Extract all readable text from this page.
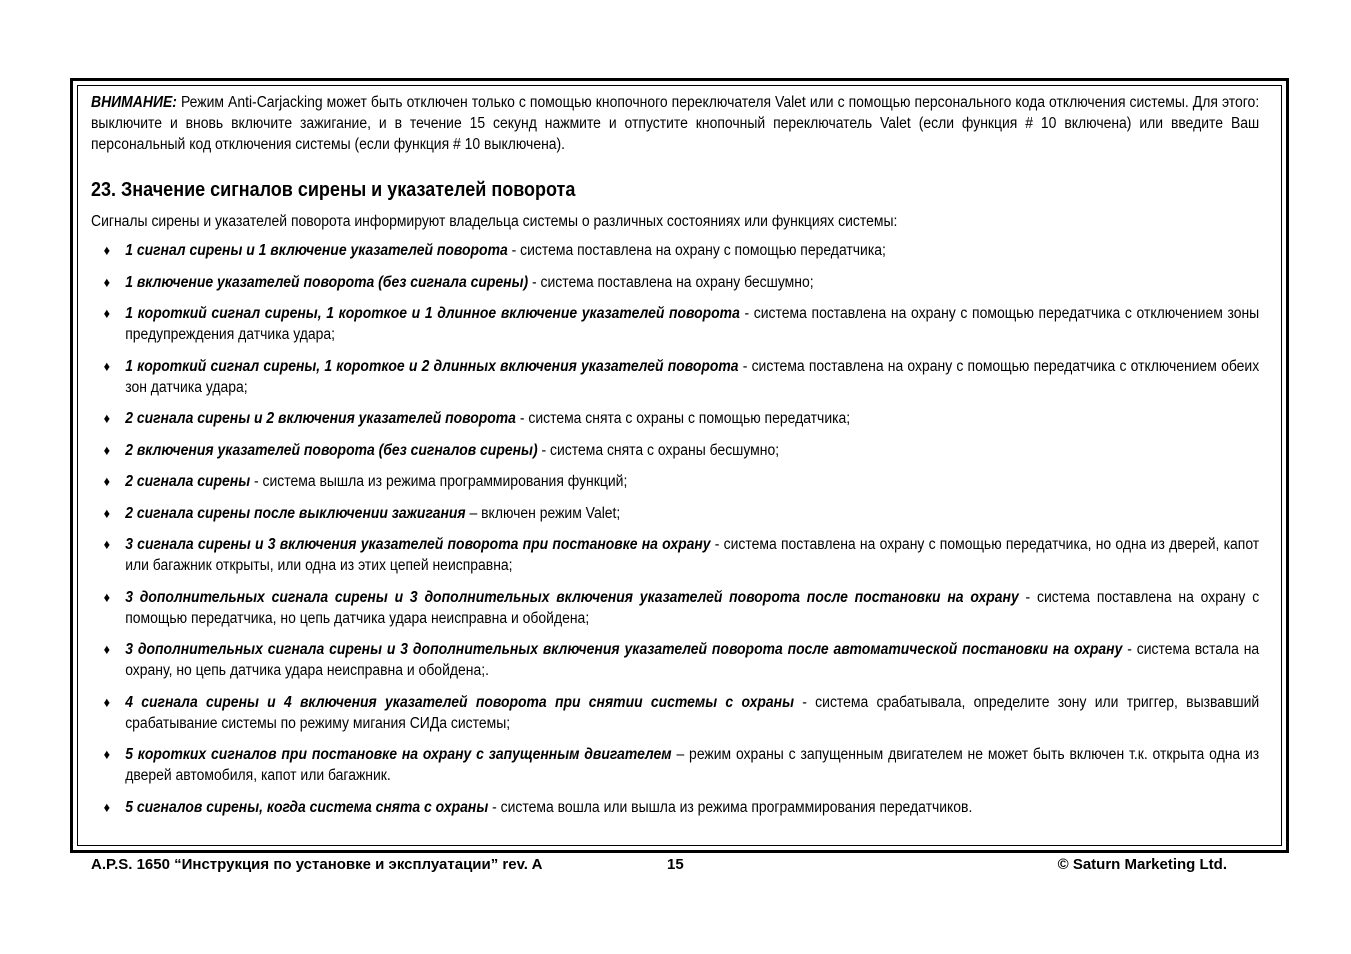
ВНИМАНИЕ: Режим Anti-Carjacking может быть отключен только с помощью кнопочного переключателя Valet или с помощью персонального кода отключения системы. Для этого: выключите и вновь включите зажигание, и в течение 15 секунд нажмите и отпустите кнопочный переключатель Valet (если функция # 10 включена) или введите Ваш персональный код отключения системы (если функция # 10 выключена).

23. Значение сигналов сирены и указателей поворота

Сигналы сирены и указателей поворота информируют владельца системы о различных состояниях или функциях системы:

♦ 1 сигнал сирены и 1 включение указателей поворота - система поставлена на охрану с помощью передатчика;
♦ 1 включение указателей поворота (без сигнала сирены) - система поставлена на охрану бесшумно;
♦ 1 короткий сигнал сирены, 1 короткое и 1 длинное включение указателей поворота - система поставлена на охрану с помощью передатчика с отключением зоны предупреждения датчика удара;
♦ 1 короткий сигнал сирены, 1 короткое и 2 длинных включения указателей поворота - система поставлена на охрану с помощью передатчика с отключением обеих зон датчика удара;
♦ 2 сигнала сирены и 2 включения указателей поворота - система снята с охраны с помощью передатчика;
♦ 2 включения указателей поворота (без сигналов сирены) - система снята с охраны бесшумно;
♦ 2 сигнала сирены - система вышла из режима программирования функций;
♦ 2 сигнала сирены после выключении зажигания – включен режим Valet;
♦ 3 сигнала сирены и 3 включения указателей поворота при постановке на охрану - система поставлена на охрану с помощью передатчика, но одна из дверей, капот или багажник открыты, или одна из этих цепей неисправна;
♦ 3 дополнительных сигнала сирены и 3 дополнительных включения указателей поворота после постановки на охрану - система поставлена на охрану с помощью передатчика, но цепь датчика удара неисправна и обойдена;
♦ 3 дополнительных сигнала сирены и 3 дополнительных включения указателей поворота после автоматической постановки на охрану - система встала на охрану, но цепь датчика удара неисправна и обойдена;.
♦ 4 сигнала сирены и 4 включения указателей поворота при снятии системы с охраны - система срабатывала, определите зону или триггер, вызвавший срабатывание системы по режиму мигания СИДа системы;
♦ 5 коротких сигналов при постановке на охрану с запущенным двигателем – режим охраны с запущенным двигателем не может быть включен т.к. открыта одна из дверей автомобиля, капот или багажник.
♦ 5 сигналов сирены, когда система снята с охраны - система вошла или вышла из режима программирования передатчиков.
A.P.S. 1650 “Инструкция по установке и эксплуатации” rev. A	15	© Saturn Marketing Ltd.
